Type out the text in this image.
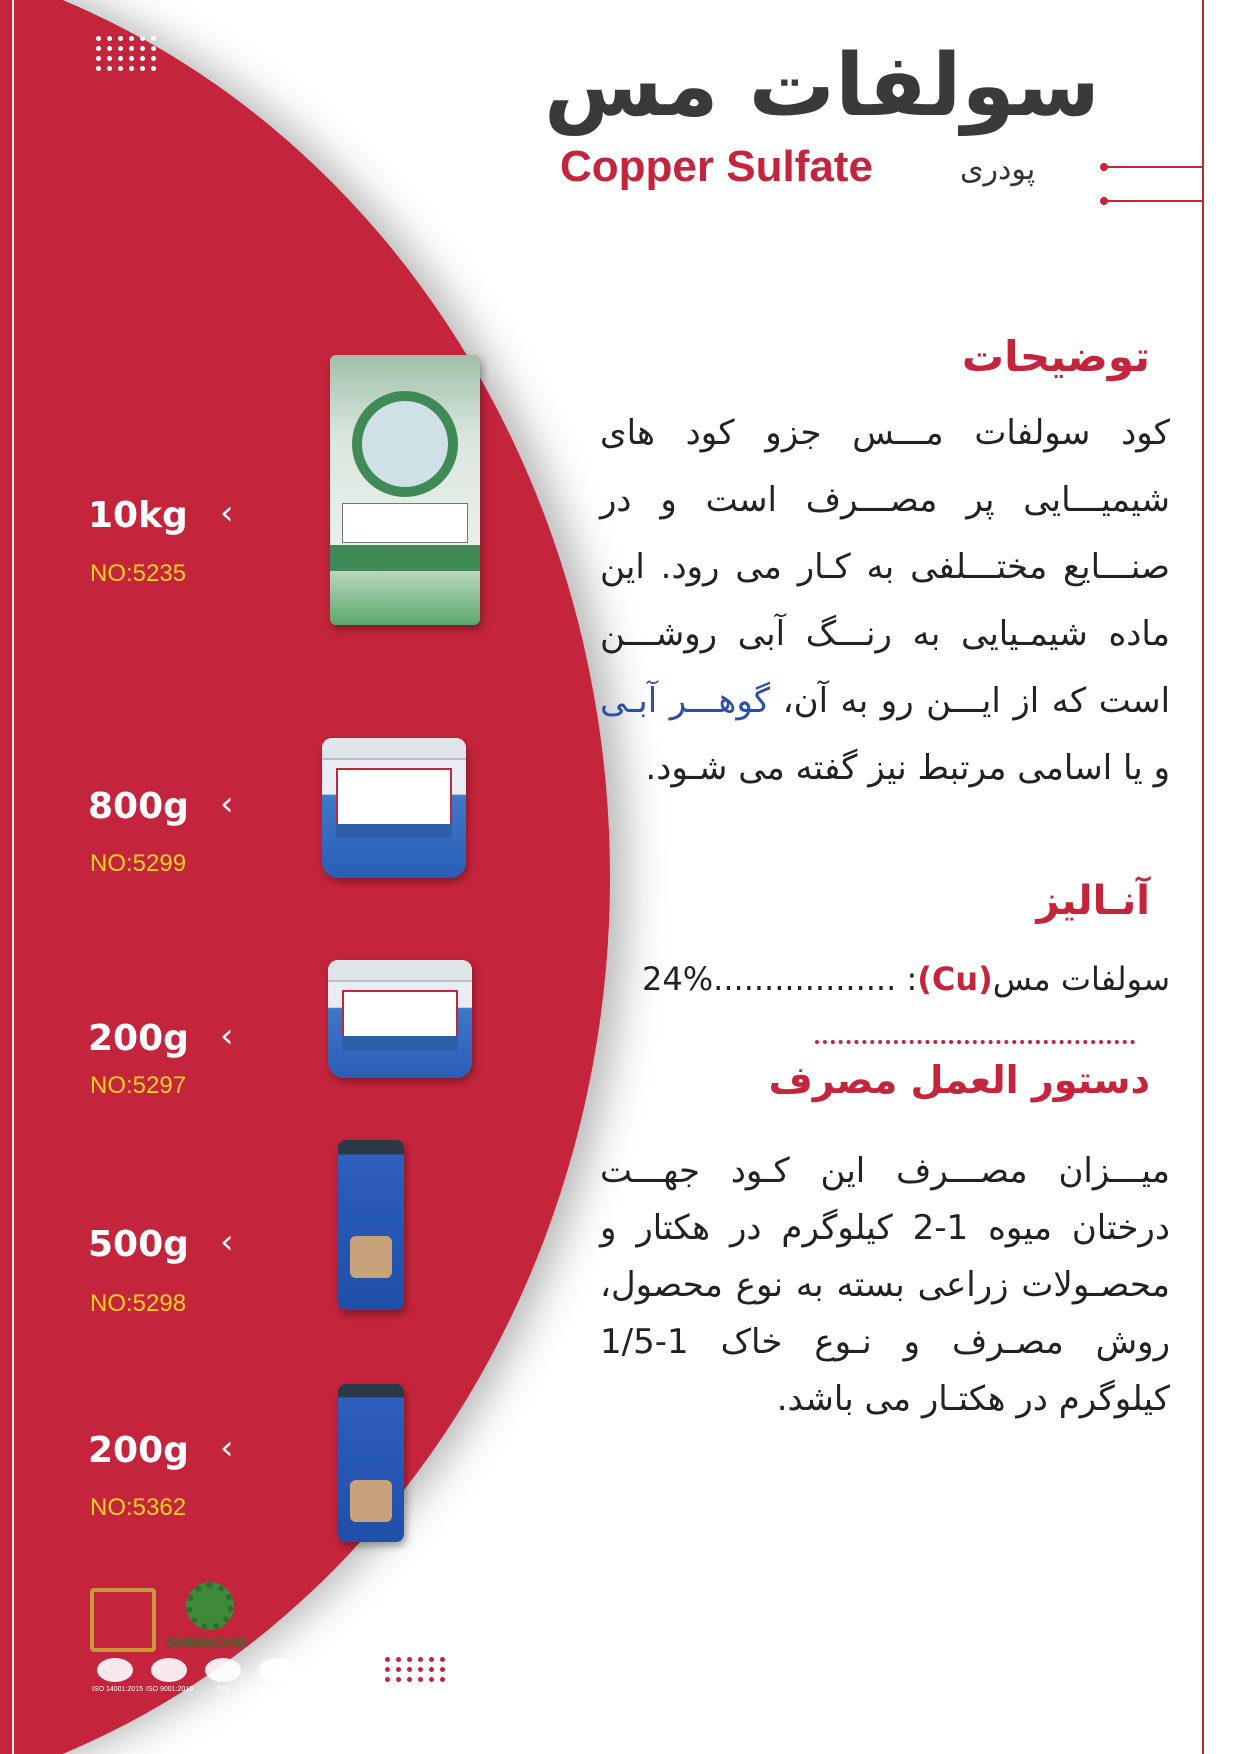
سولفات مس
Copper Sulfate	پودری
توضیحات
کود سولفات مـــس جزو کود های شیمیـــایی پر مصـــرف است و در صنـــایع مختـــلفی به کـار می رود. این ماده شیمـیایی به رنـــگ آبی روشـــن است که از ایـــن رو به آن، گوهـــر آبـی و یا اسامی مرتبط نیز گفته می شـود.
آنـالیز
سولفات مس(Cu): ..................24%
دستور العمل مصرف
میـــزان مصـــرف این کـود جهـــت درختان میوه 1-2 کیلوگرم در هکتار و محصـولات زراعی بسته به نوع محصول، روش مصـرف و نـوع خاک 1-1/5 کیلوگرم در هکتـار می باشد.
10kg ‹
NO:5235
800g ‹
NO:5299
200g ‹
NO:5297
500g ‹
NO:5298
200g ‹
NO:5362
SHIMIKOOD
ISO 14001:2015 ISO 9001:2015	IMS	ISO 45001:2018
